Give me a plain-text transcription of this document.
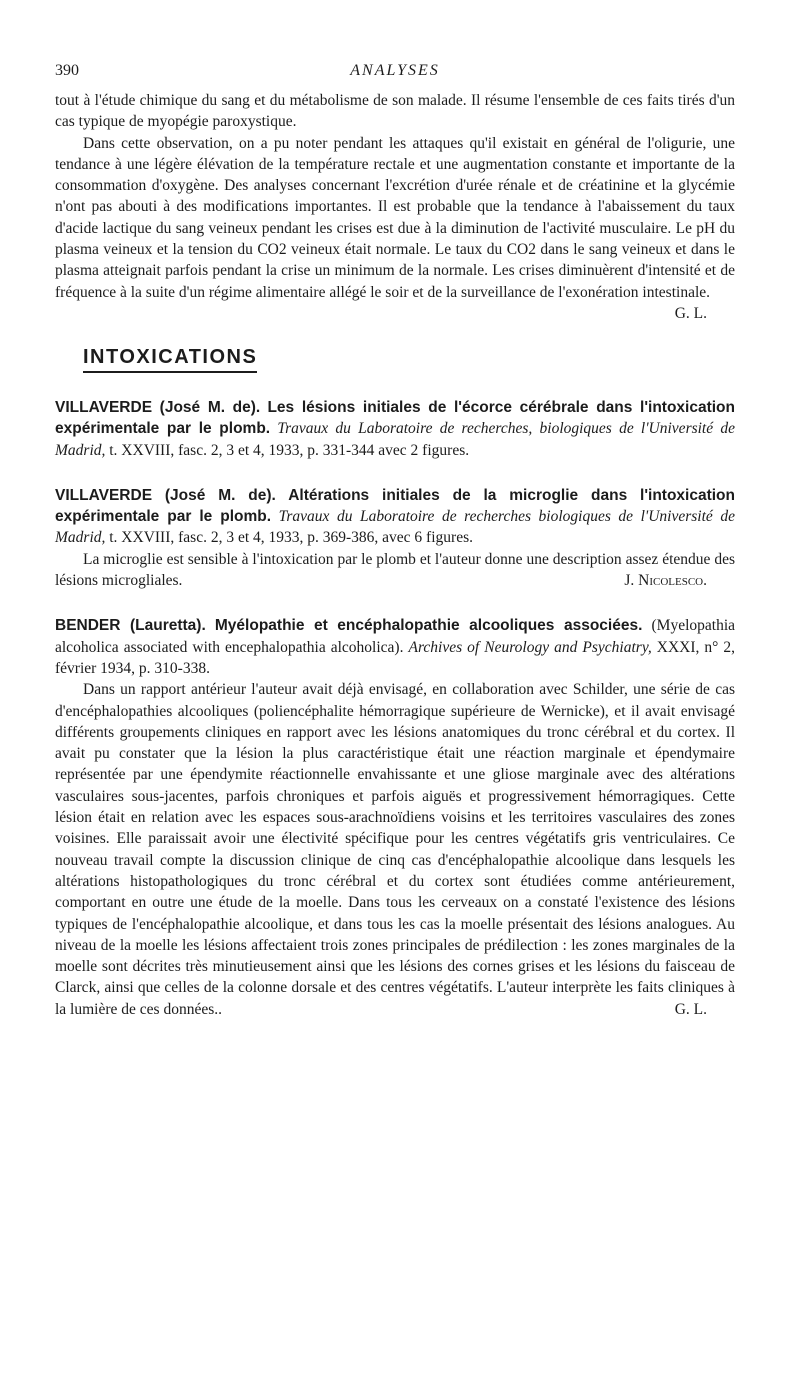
390	ANALYSES

tout à l'étude chimique du sang et du métabolisme de son malade. Il résume l'ensemble de ces faits tirés d'un cas typique de myopégie paroxystique.

Dans cette observation, on a pu noter pendant les attaques qu'il existait en général de l'oligurie, une tendance à une légère élévation de la température rectale et une augmentation constante et importante de la consommation d'oxygène. Des analyses concernant l'excrétion d'urée rénale et de créatinine et la glycémie n'ont pas abouti à des modifications importantes. Il est probable que la tendance à l'abaissement du taux d'acide lactique du sang veineux pendant les crises est due à la diminution de l'activité musculaire. Le pH du plasma veineux et la tension du CO2 veineux était normale. Le taux du CO2 dans le sang veineux et dans le plasma atteignait parfois pendant la crise un minimum de la normale. Les crises diminuèrent d'intensité et de fréquence à la suite d'un régime alimentaire allégé le soir et de la surveillance de l'exonération intestinale.

G. L.
INTOXICATIONS
VILLAVERDE (José M. de). Les lésions initiales de l'écorce cérébrale dans l'intoxication expérimentale par le plomb. Travaux du Laboratoire de recherches, biologiques de l'Université de Madrid, t. XXVIII, fasc. 2, 3 et 4, 1933, p. 331-344 avec 2 figures.
VILLAVERDE (José M. de). Altérations initiales de la microglie dans l'intoxication expérimentale par le plomb. Travaux du Laboratoire de recherches biologiques de l'Université de Madrid, t. XXVIII, fasc. 2, 3 et 4, 1933, p. 369-386, avec 6 figures.

La microglie est sensible à l'intoxication par le plomb et l'auteur donne une description assez étendue des lésions microgliales.	J. Nicolesco.

BENDER (Lauretta). Myélopathie et encéphalopathie alcooliques associées. (Myelopathia alcoholica associated with encephalopathia alcoholica). Archives of Neurology and Psychiatry, XXXI, n° 2, février 1934, p. 310-338.

Dans un rapport antérieur l'auteur avait déjà envisagé, en collaboration avec Schilder, une série de cas d'encéphalopathies alcooliques (poliencéphalite hémorragique supérieure de Wernicke), et il avait envisagé différents groupements cliniques en rapport avec les lésions anatomiques du tronc cérébral et du cortex. Il avait pu constater que la lésion la plus caractéristique était une réaction marginale et épendymaire représentée par une épendymite réactionnelle envahissante et une gliose marginale avec des altérations vasculaires sous-jacentes, parfois chroniques et parfois aiguës et progressivement hémorragiques. Cette lésion était en relation avec les espaces sous-arachnoïdiens voisins et les territoires vasculaires des zones voisines. Elle paraissait avoir une électivité spécifique pour les centres végétatifs gris ventriculaires. Ce nouveau travail compte la discussion clinique de cinq cas d'encéphalopathie alcoolique dans lesquels les altérations histopathologiques du tronc cérébral et du cortex sont étudiées comme antérieurement, comportant en outre une étude de la moelle. Dans tous les cerveaux on a constaté l'existence des lésions typiques de l'encéphalopathie alcoolique, et dans tous les cas la moelle présentait des lésions analogues. Au niveau de la moelle les lésions affectaient trois zones principales de prédilection : les zones marginales de la moelle sont décrites très minutieusement ainsi que les lésions des cornes grises et les lésions du faisceau de Clarck, ainsi que celles de la colonne dorsale et des centres végétatifs. L'auteur interprète les faits cliniques à la lumière de ces données..	G. L.
